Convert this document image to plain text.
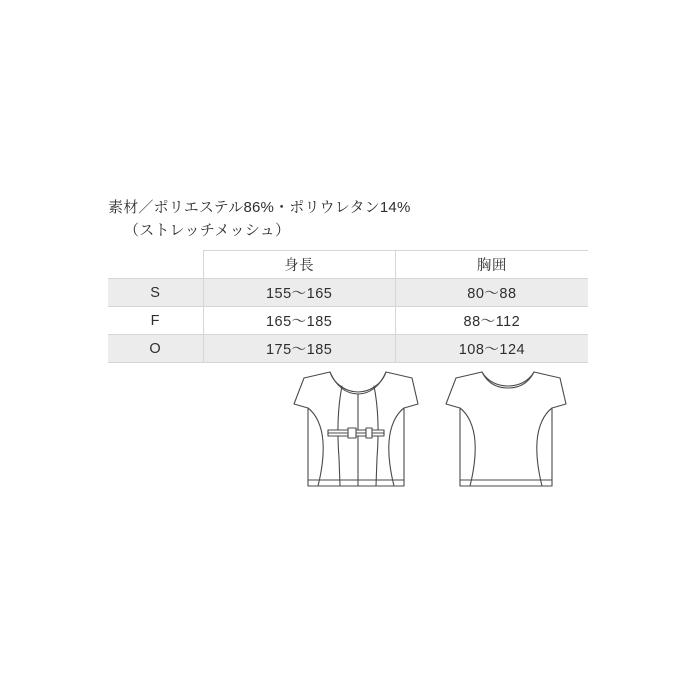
素材／ポリエステル86%・ポリウレタン14%
（ストレッチメッシュ）
	身長	胸囲
S	155〜165	80〜88
F	165〜185	88〜112
O	175〜185	108〜124
